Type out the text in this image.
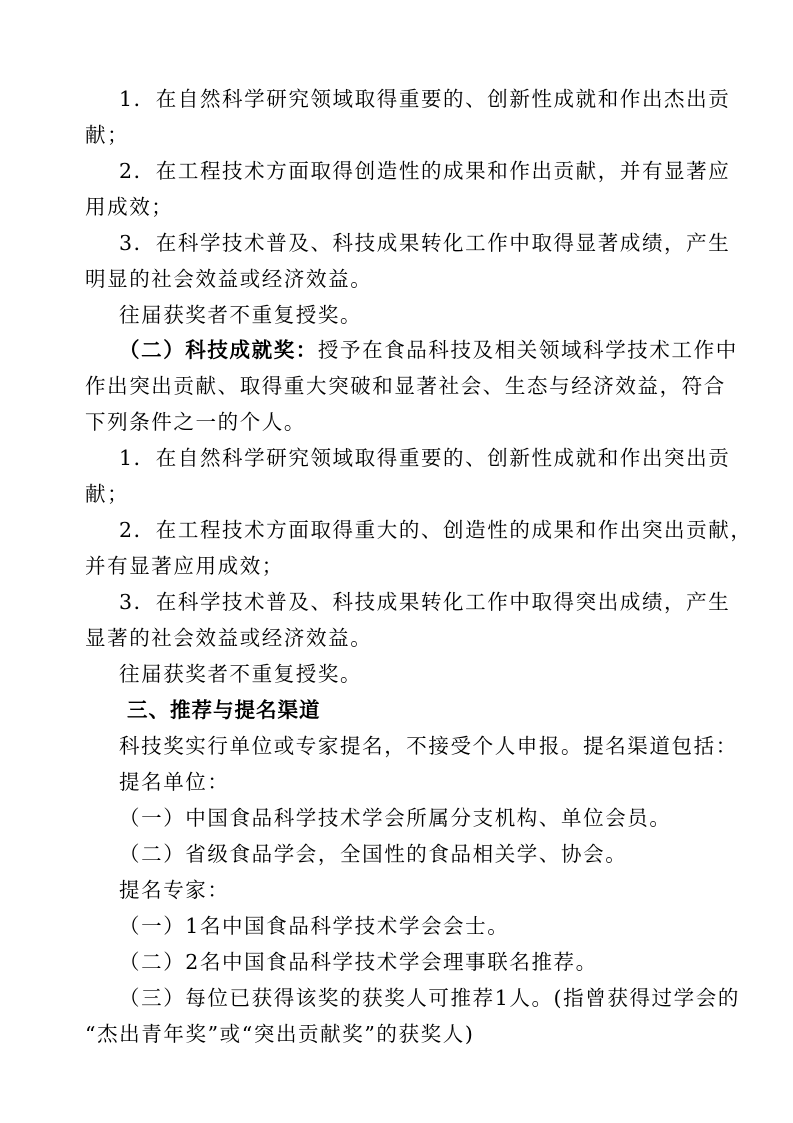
1．在自然科学研究领域取得重要的、创新性成就和作出杰出贡
献；
2．在工程技术方面取得创造性的成果和作出贡献，并有显著应
用成效；
3．在科学技术普及、科技成果转化工作中取得显著成绩，产生
明显的社会效益或经济效益。
往届获奖者不重复授奖。
（二）科技成就奖：授予在食品科技及相关领域科学技术工作中
作出突出贡献、取得重大突破和显著社会、生态与经济效益，符合
下列条件之一的个人。
1．在自然科学研究领域取得重要的、创新性成就和作出突出贡
献；
2．在工程技术方面取得重大的、创造性的成果和作出突出贡献，
并有显著应用成效；
3．在科学技术普及、科技成果转化工作中取得突出成绩，产生
显著的社会效益或经济效益。
往届获奖者不重复授奖。
三、推荐与提名渠道
科技奖实行单位或专家提名，不接受个人申报。提名渠道包括：
提名单位：
（一）中国食品科学技术学会所属分支机构、单位会员。
（二）省级食品学会，全国性的食品相关学、协会。
提名专家：
（一）1名中国食品科学技术学会会士。
（二）2名中国食品科学技术学会理事联名推荐。
（三）每位已获得该奖的获奖人可推荐1人。(指曾获得过学会的
“杰出青年奖”或“突出贡献奖”的获奖人)
